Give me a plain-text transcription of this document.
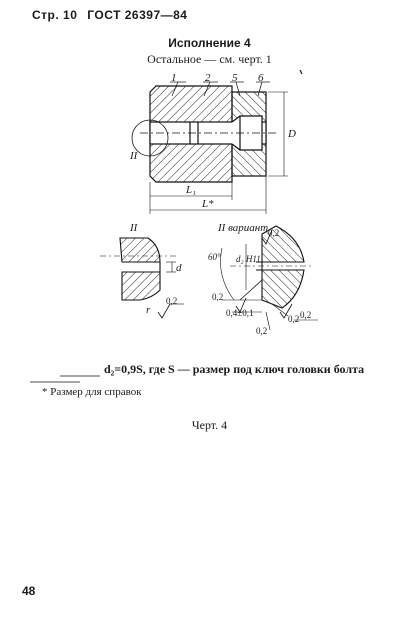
Стр. 10 ГОСТ 26397—84
Исполнение 4
Остальное — см. черт. 1
1	2 5 6
II
L₁
L*
D
II
d
r
0,2
II вариант
60° d₂ H11
0,2
0,2
0,2
0,4±0,1
0,2
0,2
d₂=0,9S, где S — размер под ключ головки болта
* Размер для справок
Черт. 4
48
